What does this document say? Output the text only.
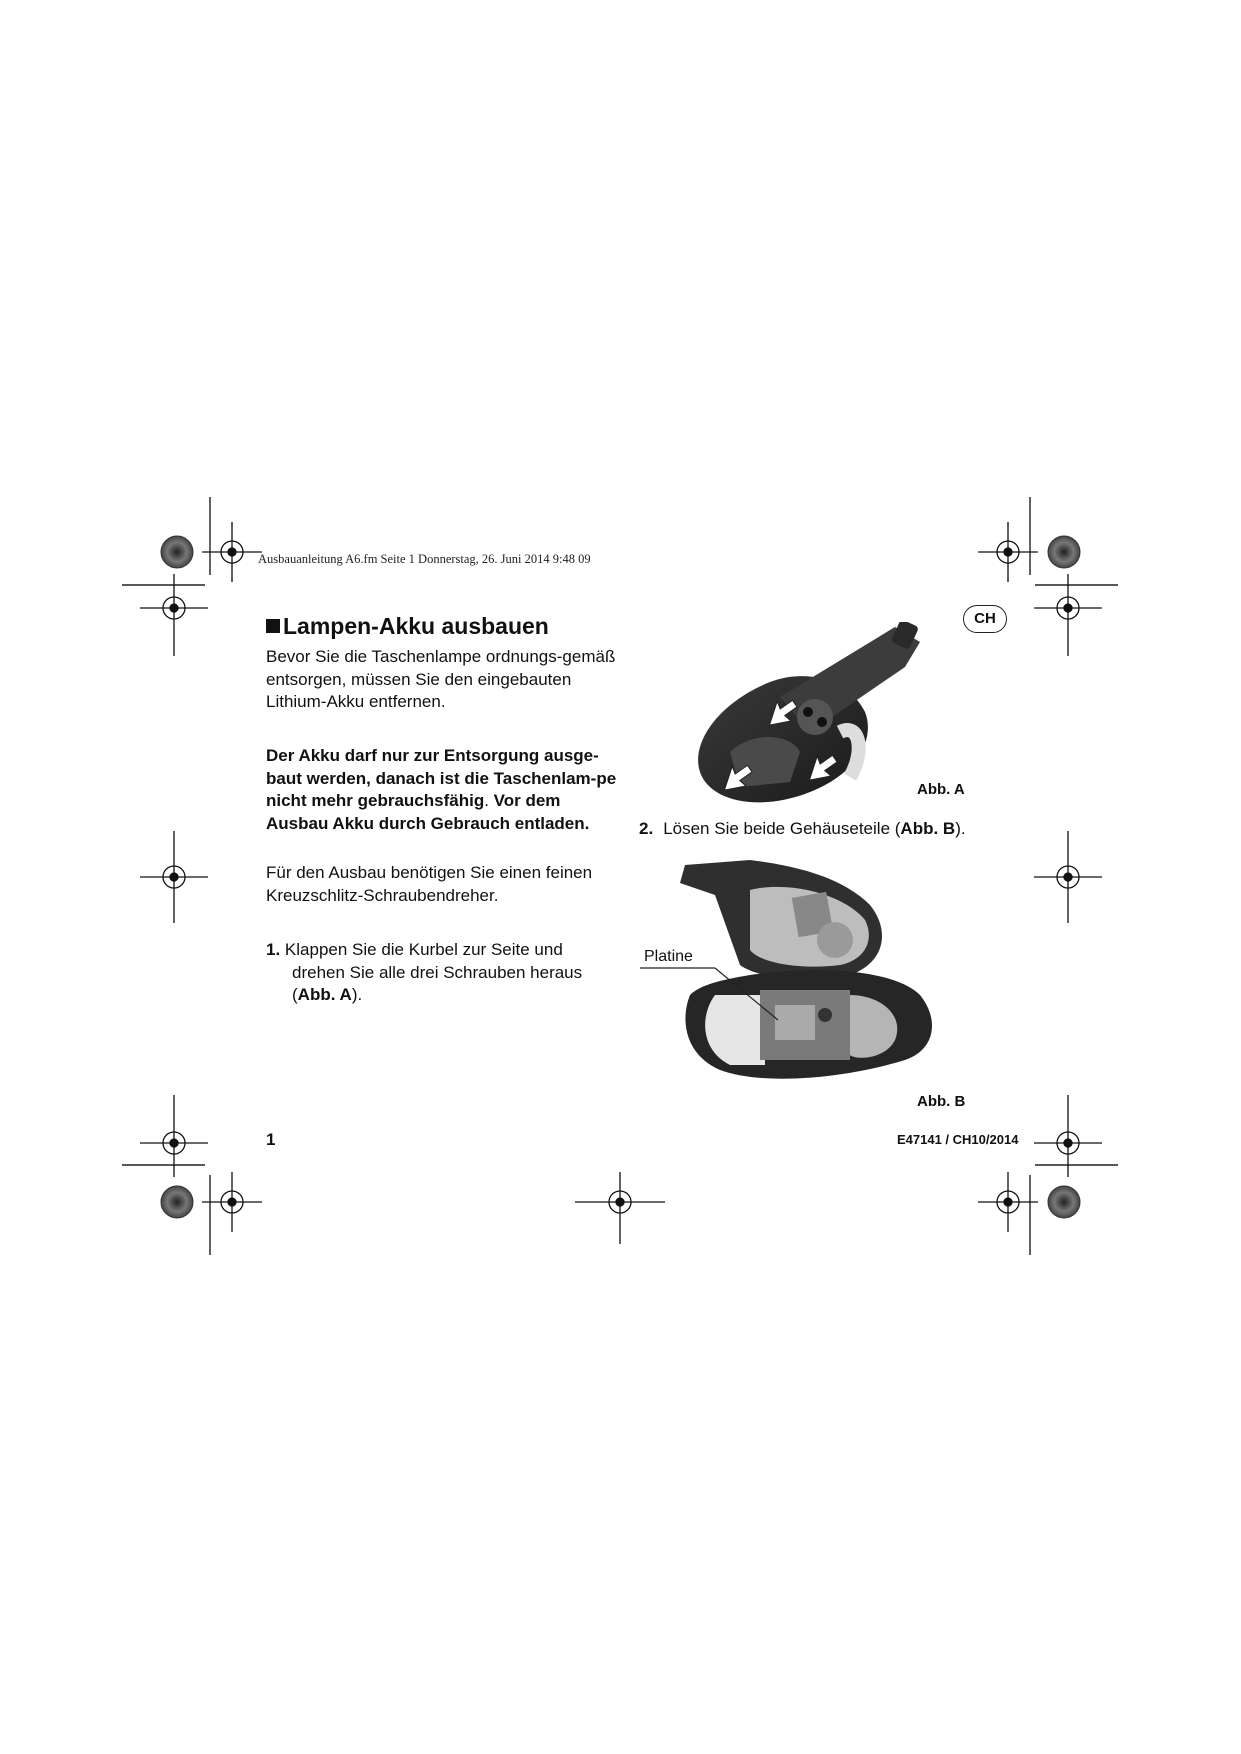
Ausbauanleitung A6.fm Seite 1 Donnerstag, 26. Juni 2014 9:48 09
CH
Lampen-Akku ausbauen
Bevor Sie die Taschenlampe ordnungs-gemäß entsorgen, müssen Sie den eingebauten Lithium-Akku entfernen.
Der Akku darf nur zur Entsorgung ausge-baut werden, danach ist die Taschenlam-pe nicht mehr gebrauchsfähig. Vor dem Ausbau Akku durch Gebrauch entladen.
Für den Ausbau benötigen Sie einen feinen Kreuzschlitz-Schraubendreher.
1. Klappen Sie die Kurbel zur Seite und
drehen Sie alle drei Schrauben heraus (Abb. A).
Abb. A
2. Lösen Sie beide Gehäuseteile (Abb. B).
Platine
Abb. B
1	E47141 / CH10/2014
